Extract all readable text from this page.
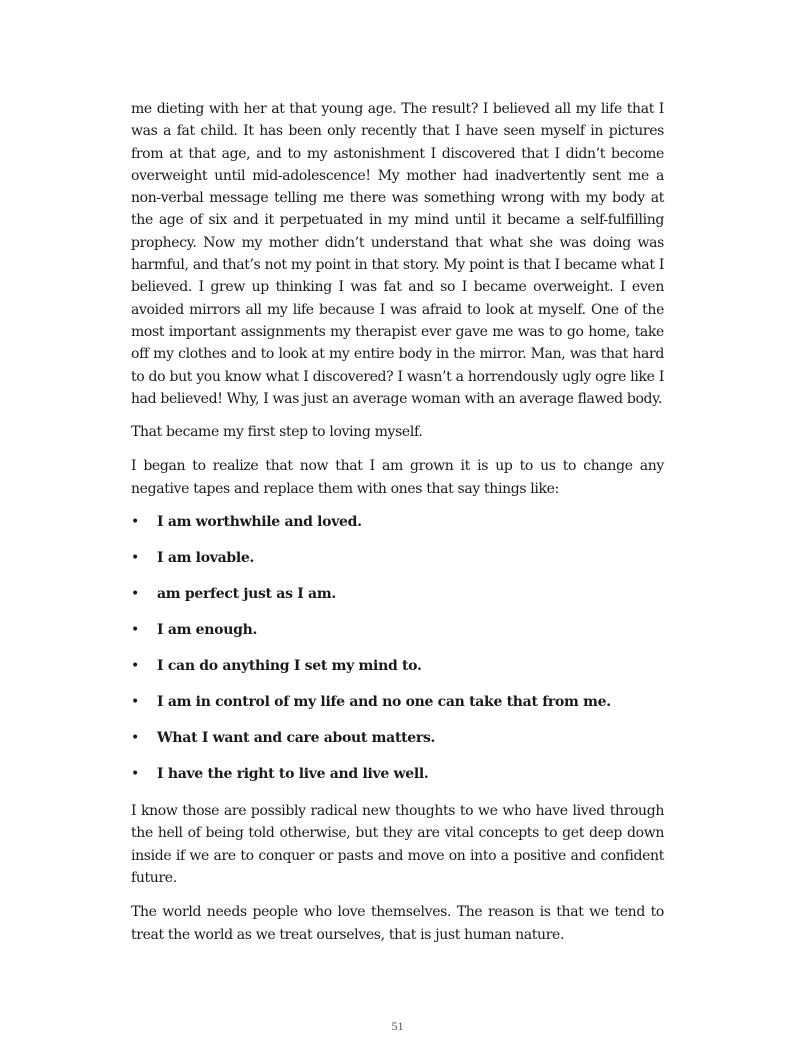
me dieting with her at that young age. The result? I believed all my life that I was a fat child. It has been only recently that I have seen myself in pictures from at that age, and to my astonishment I discovered that I didn’t become overweight until mid-adolescence! My mother had inadvertently sent me a non-verbal message telling me there was something wrong with my body at the age of six and it perpetuated in my mind until it became a self-fulfilling prophecy. Now my mother didn’t understand that what she was doing was harmful, and that’s not my point in that story. My point is that I became what I believed. I grew up thinking I was fat and so I became overweight. I even avoided mirrors all my life because I was afraid to look at myself. One of the most important assignments my therapist ever gave me was to go home, take off my clothes and to look at my entire body in the mirror. Man, was that hard to do but you know what I discovered? I wasn’t a horrendously ugly ogre like I had believed! Why, I was just an average woman with an average flawed body.

That became my first step to loving myself.

I began to realize that now that I am grown it is up to us to change any negative tapes and replace them with ones that say things like:

• I am worthwhile and loved.
• I am lovable.
• am perfect just as I am.
• I am enough.
• I can do anything I set my mind to.
• I am in control of my life and no one can take that from me.
• What I want and care about matters.
• I have the right to live and live well.

I know those are possibly radical new thoughts to we who have lived through the hell of being told otherwise, but they are vital concepts to get deep down inside if we are to conquer or pasts and move on into a positive and confident future.

The world needs people who love themselves. The reason is that we tend to treat the world as we treat ourselves, that is just human nature.

51
